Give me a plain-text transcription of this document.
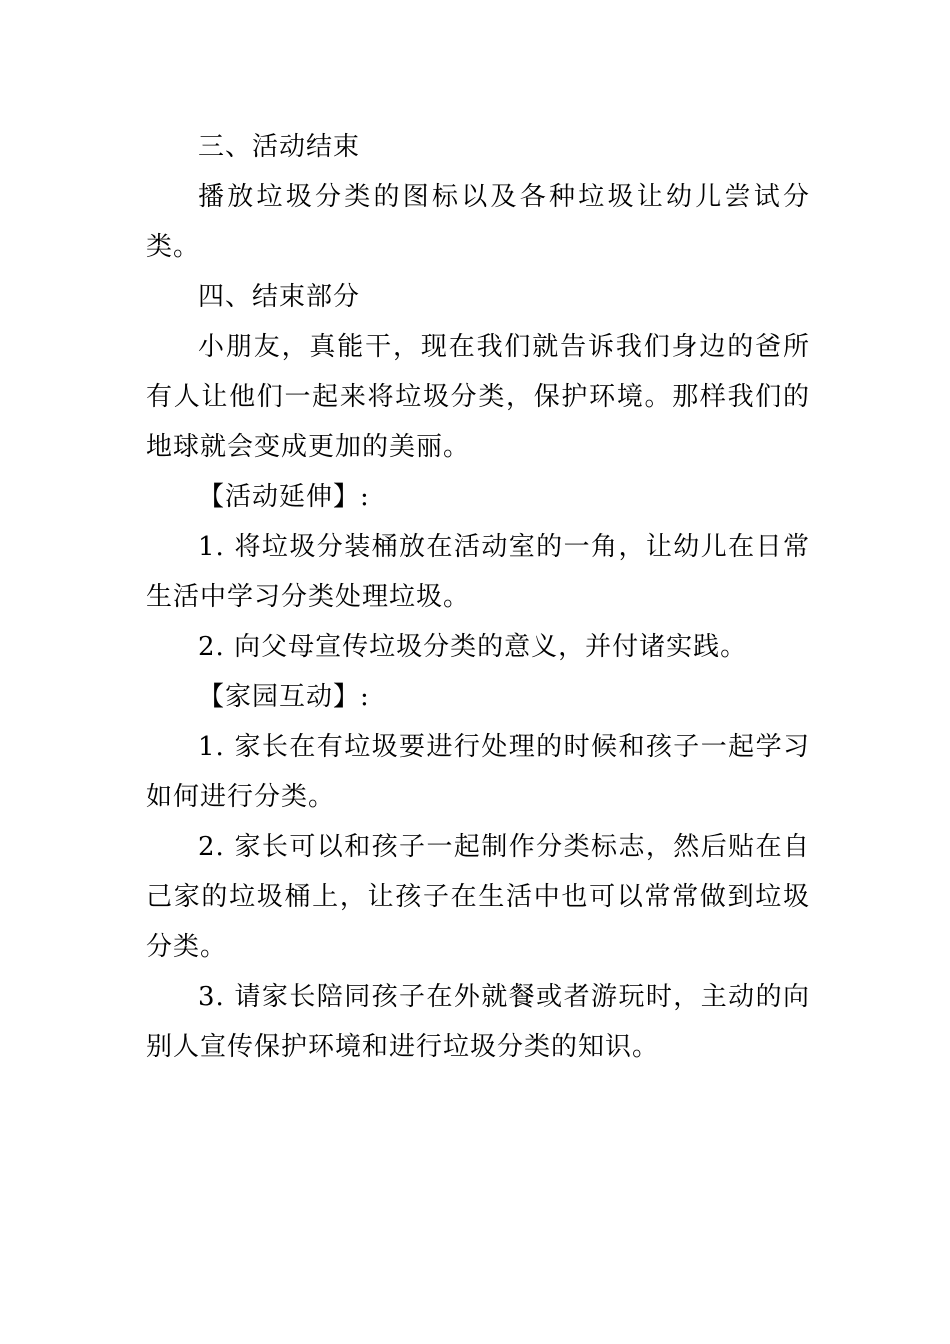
三、活动结束

播放垃圾分类的图标以及各种垃圾让幼儿尝试分类。

四、结束部分

小朋友，真能干，现在我们就告诉我们身边的爸所有人让他们一起来将垃圾分类，保护环境。那样我们的地球就会变成更加的美丽。

【活动延伸】:

1. 将垃圾分装桶放在活动室的一角，让幼儿在日常生活中学习分类处理垃圾。

2. 向父母宣传垃圾分类的意义，并付诸实践。

【家园互动】:

1. 家长在有垃圾要进行处理的时候和孩子一起学习如何进行分类。

2. 家长可以和孩子一起制作分类标志，然后贴在自己家的垃圾桶上，让孩子在生活中也可以常常做到垃圾分类。

3. 请家长陪同孩子在外就餐或者游玩时，主动的向别人宣传保护环境和进行垃圾分类的知识。
